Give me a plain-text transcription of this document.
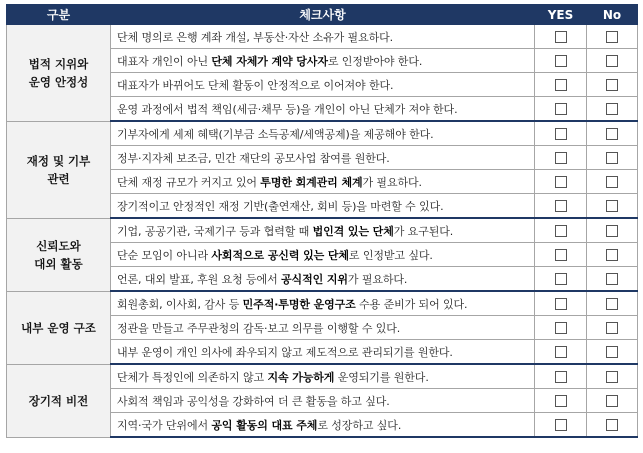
구분	체크사항	YES	No

법적 지위와
운영 안정성	단체 명의로 은행 계좌 개설, 부동산·자산 소유가 필요하다.		
	대표자 개인이 아닌 단체 자체가 계약 당사자로 인정받아야 한다.		
	대표자가 바뀌어도 단체 활동이 안정적으로 이어져야 한다.		
	운영 과정에서 법적 책임(세금·채무 등)을 개인이 아닌 단체가 져야 한다.		

재정 및 기부
관련	기부자에게 세제 혜택(기부금 소득공제/세액공제)을 제공해야 한다.		
	정부·지자체 보조금, 민간 재단의 공모사업 참여를 원한다.		
	단체 재정 규모가 커지고 있어 투명한 회계관리 체계가 필요하다.		
	장기적이고 안정적인 재정 기반(출연재산, 회비 등)을 마련할 수 있다.		

신뢰도와
대외 활동	기업, 공공기관, 국제기구 등과 협력할 때 법인격 있는 단체가 요구된다.		
	단순 모임이 아니라 사회적으로 공신력 있는 단체로 인정받고 싶다.		
	언론, 대외 발표, 후원 요청 등에서 공식적인 지위가 필요하다.		

내부 운영 구조	회원총회, 이사회, 감사 등 민주적·투명한 운영구조 수용 준비가 되어 있다.		
	정관을 만들고 주무관청의 감독·보고 의무를 이행할 수 있다.		
	내부 운영이 개인 의사에 좌우되지 않고 제도적으로 관리되기를 원한다.		

장기적 비전	단체가 특정인에 의존하지 않고 지속 가능하게 운영되기를 원한다.		
	사회적 책임과 공익성을 강화하여 더 큰 활동을 하고 싶다.		
	지역·국가 단위에서 공익 활동의 대표 주체로 성장하고 싶다.		
